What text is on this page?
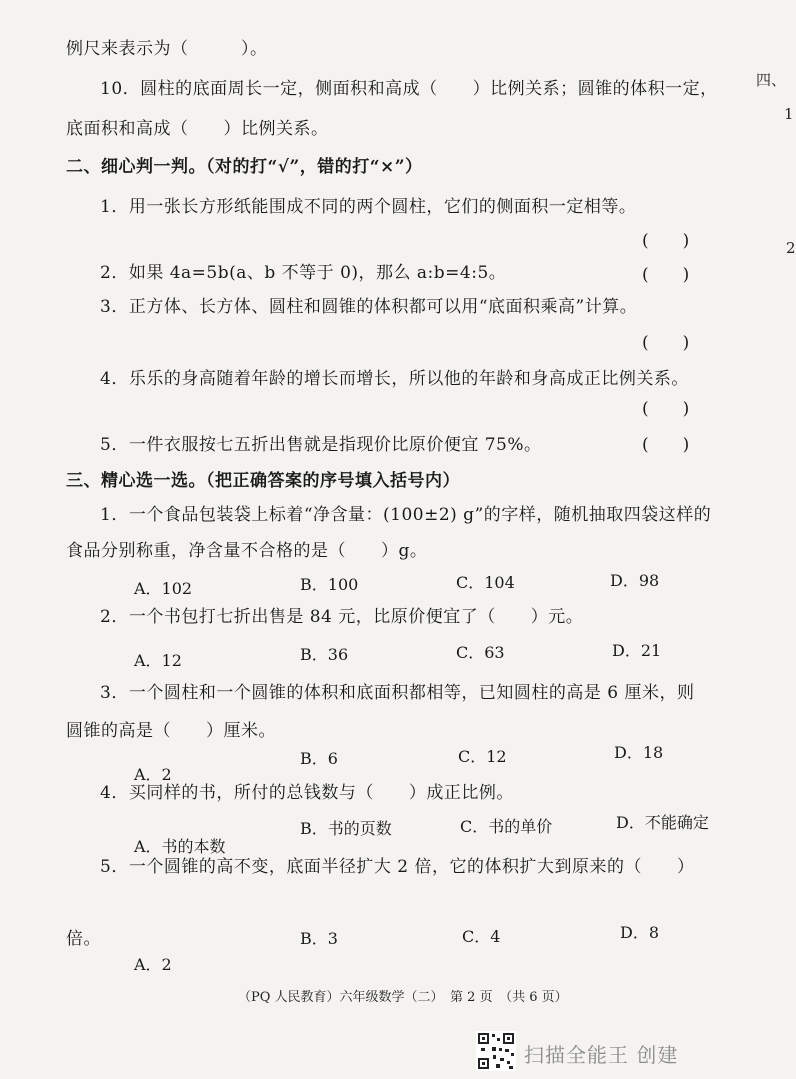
例尺来表示为（　　　）。
10．圆柱的底面周长一定，侧面积和高成（　　）比例关系；圆锥的体积一定，
底面积和高成（　　）比例关系。
二、细心判一判。（对的打“√”，错的打“×”）
1．用一张长方形纸能围成不同的两个圆柱，它们的侧面积一定相等。
(　　)
2．如果 4a=5b(a、b 不等于 0)，那么 a:b=4:5。	(　　)
3．正方体、长方体、圆柱和圆锥的体积都可以用“底面积乘高”计算。
(　　)
4．乐乐的身高随着年龄的增长而增长，所以他的年龄和身高成正比例关系。
(　　)
5．一件衣服按七五折出售就是指现价比原价便宜 75%。	(　　)
三、精心选一选。（把正确答案的序号填入括号内）
1．一个食品包装袋上标着“净含量：(100±2) g”的字样，随机抽取四袋这样的
食品分别称重，净含量不合格的是（　　）g。
A．102	B．100	C．104	D．98
2．一个书包打七折出售是 84 元，比原价便宜了（　　）元。
A．12	B．36	C．63	D．21
3．一个圆柱和一个圆锥的体积和底面积都相等，已知圆柱的高是 6 厘米，则
圆锥的高是（　　）厘米。
A．2
B．6	C．12	D．18
4．买同样的书，所付的总钱数与（　　）成正比例。
A．书的本数
B．书的页数	C．书的单价	D．不能确定
5．一个圆锥的高不变，底面半径扩大 2 倍，它的体积扩大到原来的（　　）
倍。
A．2
B．3	C．4	D．8
四、
1
2
（PQ 人民教育）六年级数学（二）　第 2 页　（共 6 页）
扫描全能王 创建
